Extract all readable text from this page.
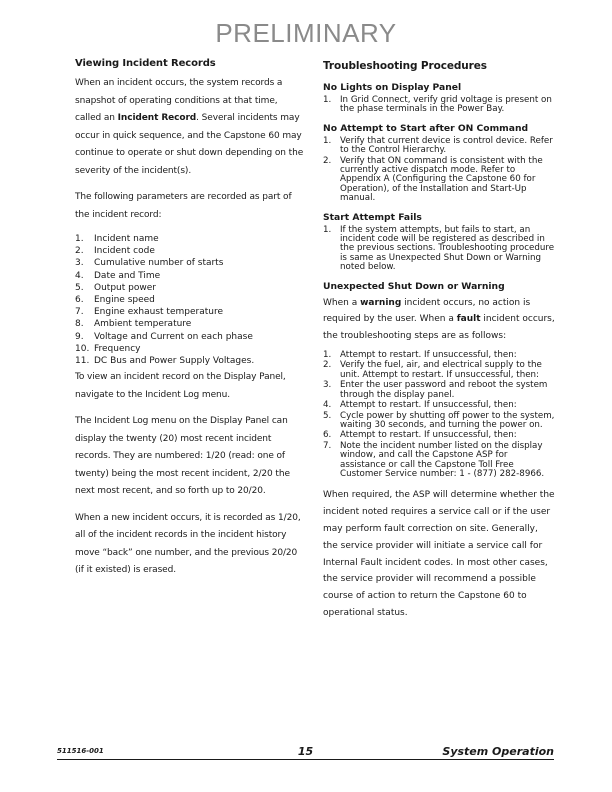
PRELIMINARY
Viewing Incident Records

When an incident occurs, the system records a snapshot of operating conditions at that time, called an Incident Record. Several incidents may occur in quick sequence, and the Capstone 60 may continue to operate or shut down depending on the severity of the incident(s).

The following parameters are recorded as part of the incident record:

1.	Incident name
2.	Incident code
3.	Cumulative number of starts
4.	Date and Time
5.	Output power
6.	Engine speed
7.	Engine exhaust temperature
8.	Ambient temperature
9.	Voltage and Current on each phase
10. Frequency
11. DC Bus and Power Supply Voltages.

To view an incident record on the Display Panel, navigate to the Incident Log menu.

The Incident Log menu on the Display Panel can display the twenty (20) most recent incident records. They are numbered: 1/20 (read: one of twenty) being the most recent incident, 2/20 the next most recent, and so forth up to 20/20.

When a new incident occurs, it is recorded as 1/20, all of the incident records in the incident history move “back” one number, and the previous 20/20 (if it existed) is erased.

Troubleshooting Procedures
No Lights on Display Panel
1.	In Grid Connect, verify grid voltage is present on the phase terminals in the Power Bay.
No Attempt to Start after ON Command
1.	Verify that current device is control device. Refer to the Control Hierarchy.
2.	Verify that ON command is consistent with the currently active dispatch mode. Refer to Appendix A (Configuring the Capstone 60 for Operation), of the Installation and Start-Up manual.
Start Attempt Fails
1.	If the system attempts, but fails to start, an incident code will be registered as described in the previous sections. Troubleshooting procedure is same as Unexpected Shut Down or Warning noted below.
Unexpected Shut Down or Warning

When a warning incident occurs, no action is required by the user. When a fault incident occurs, the troubleshooting steps are as follows:

1.	Attempt to restart. If unsuccessful, then:
2.	Verify the fuel, air, and electrical supply to the unit. Attempt to restart. If unsuccessful, then:
3.	Enter the user password and reboot the system through the display panel.
4.	Attempt to restart. If unsuccessful, then:
5.	Cycle power by shutting off power to the system, waiting 30 seconds, and turning the power on.
6.	Attempt to restart. If unsuccessful, then:
7.	Note the incident number listed on the display window, and call the Capstone ASP for assistance or call the Capstone Toll Free Customer Service number: 1 - (877) 282-8966.

When required, the ASP will determine whether the incident noted requires a service call or if the user may perform fault correction on site. Generally, the service provider will initiate a service call for Internal Fault incident codes. In most other cases, the service provider will recommend a possible course of action to return the Capstone 60 to operational status.

511516-001	15	System Operation
